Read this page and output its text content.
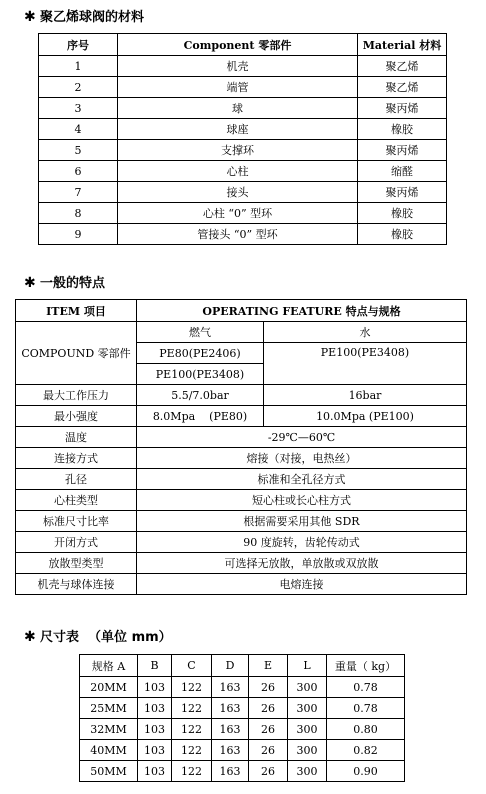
✱ 聚乙烯球阀的材料
序号	Component 零部件	Material 材料
1	机壳	聚乙烯
2	端管	聚乙烯
3	球	聚丙烯
4	球座	橡胶
5	支撑环	聚丙烯
6	心柱	缩醛
7	接头	聚丙烯
8	心柱 “0” 型环	橡胶
9	管接头 “0” 型环	橡胶
✱ 一般的特点
ITEM 项目	OPERATING FEATURE 特点与规格	
COMPOUND 零部件	燃气	水
	PE80(PE2406)	PE100(PE3408)
	PE100(PE3408)	
最大工作压力	5.5/7.0bar	16bar
最小强度	8.0Mpa    (PE80)	10.0Mpa (PE100)
温度	-29℃—60℃	
连接方式	熔接（对接，电热丝）	
孔径	标准和全孔径方式	
心柱类型	短心柱或长心柱方式	
标准尺寸比率	根据需要采用其他 SDR	
开闭方式	90 度旋转，齿轮传动式	
放散型类型	可选择无放散，单放散或双放散	
机壳与球体连接	电熔连接	
✱ 尺寸表  （单位 mm）
规格 A	B	C	D	E	L	重量（ kg）
20MM	103	122	163	26	300	0.78
25MM	103	122	163	26	300	0.78
32MM	103	122	163	26	300	0.80
40MM	103	122	163	26	300	0.82
50MM	103	122	163	26	300	0.90
